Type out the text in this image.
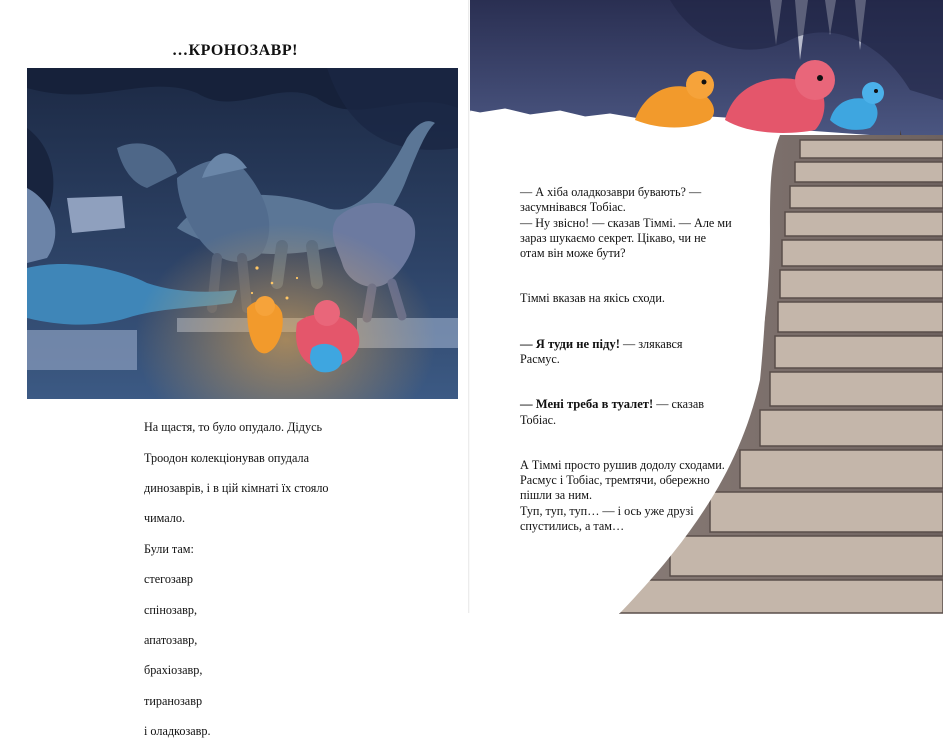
…КРОНОЗАВР!

На щастя, то було опудало. Дідусь

Троодон колекціонував опудала

динозаврів, і в цій кімнаті їх стояло

чимало.

Були там:

стегозавр

спінозавр,

апатозавр,

брахіозавр,

тиранозавр

і оладкозавр.

— А хіба оладкозаври бувають? —
засумнівався Тобіас.
— Ну звісно! — сказав Тіммі. — Але ми
зараз шукаємо секрет. Цікаво, чи не
отам він може бути?

Тіммі вказав на якісь сходи.

— Я туди не піду! — злякався
Расмус.

— Мені треба в туалет! — сказав
Тобіас.

А Тіммі просто рушив додолу сходами.
Расмус і Тобіас, тремтячи, обережно
пішли за ним.
Туп, туп, туп… — і ось уже друзі
спустились, а там…
